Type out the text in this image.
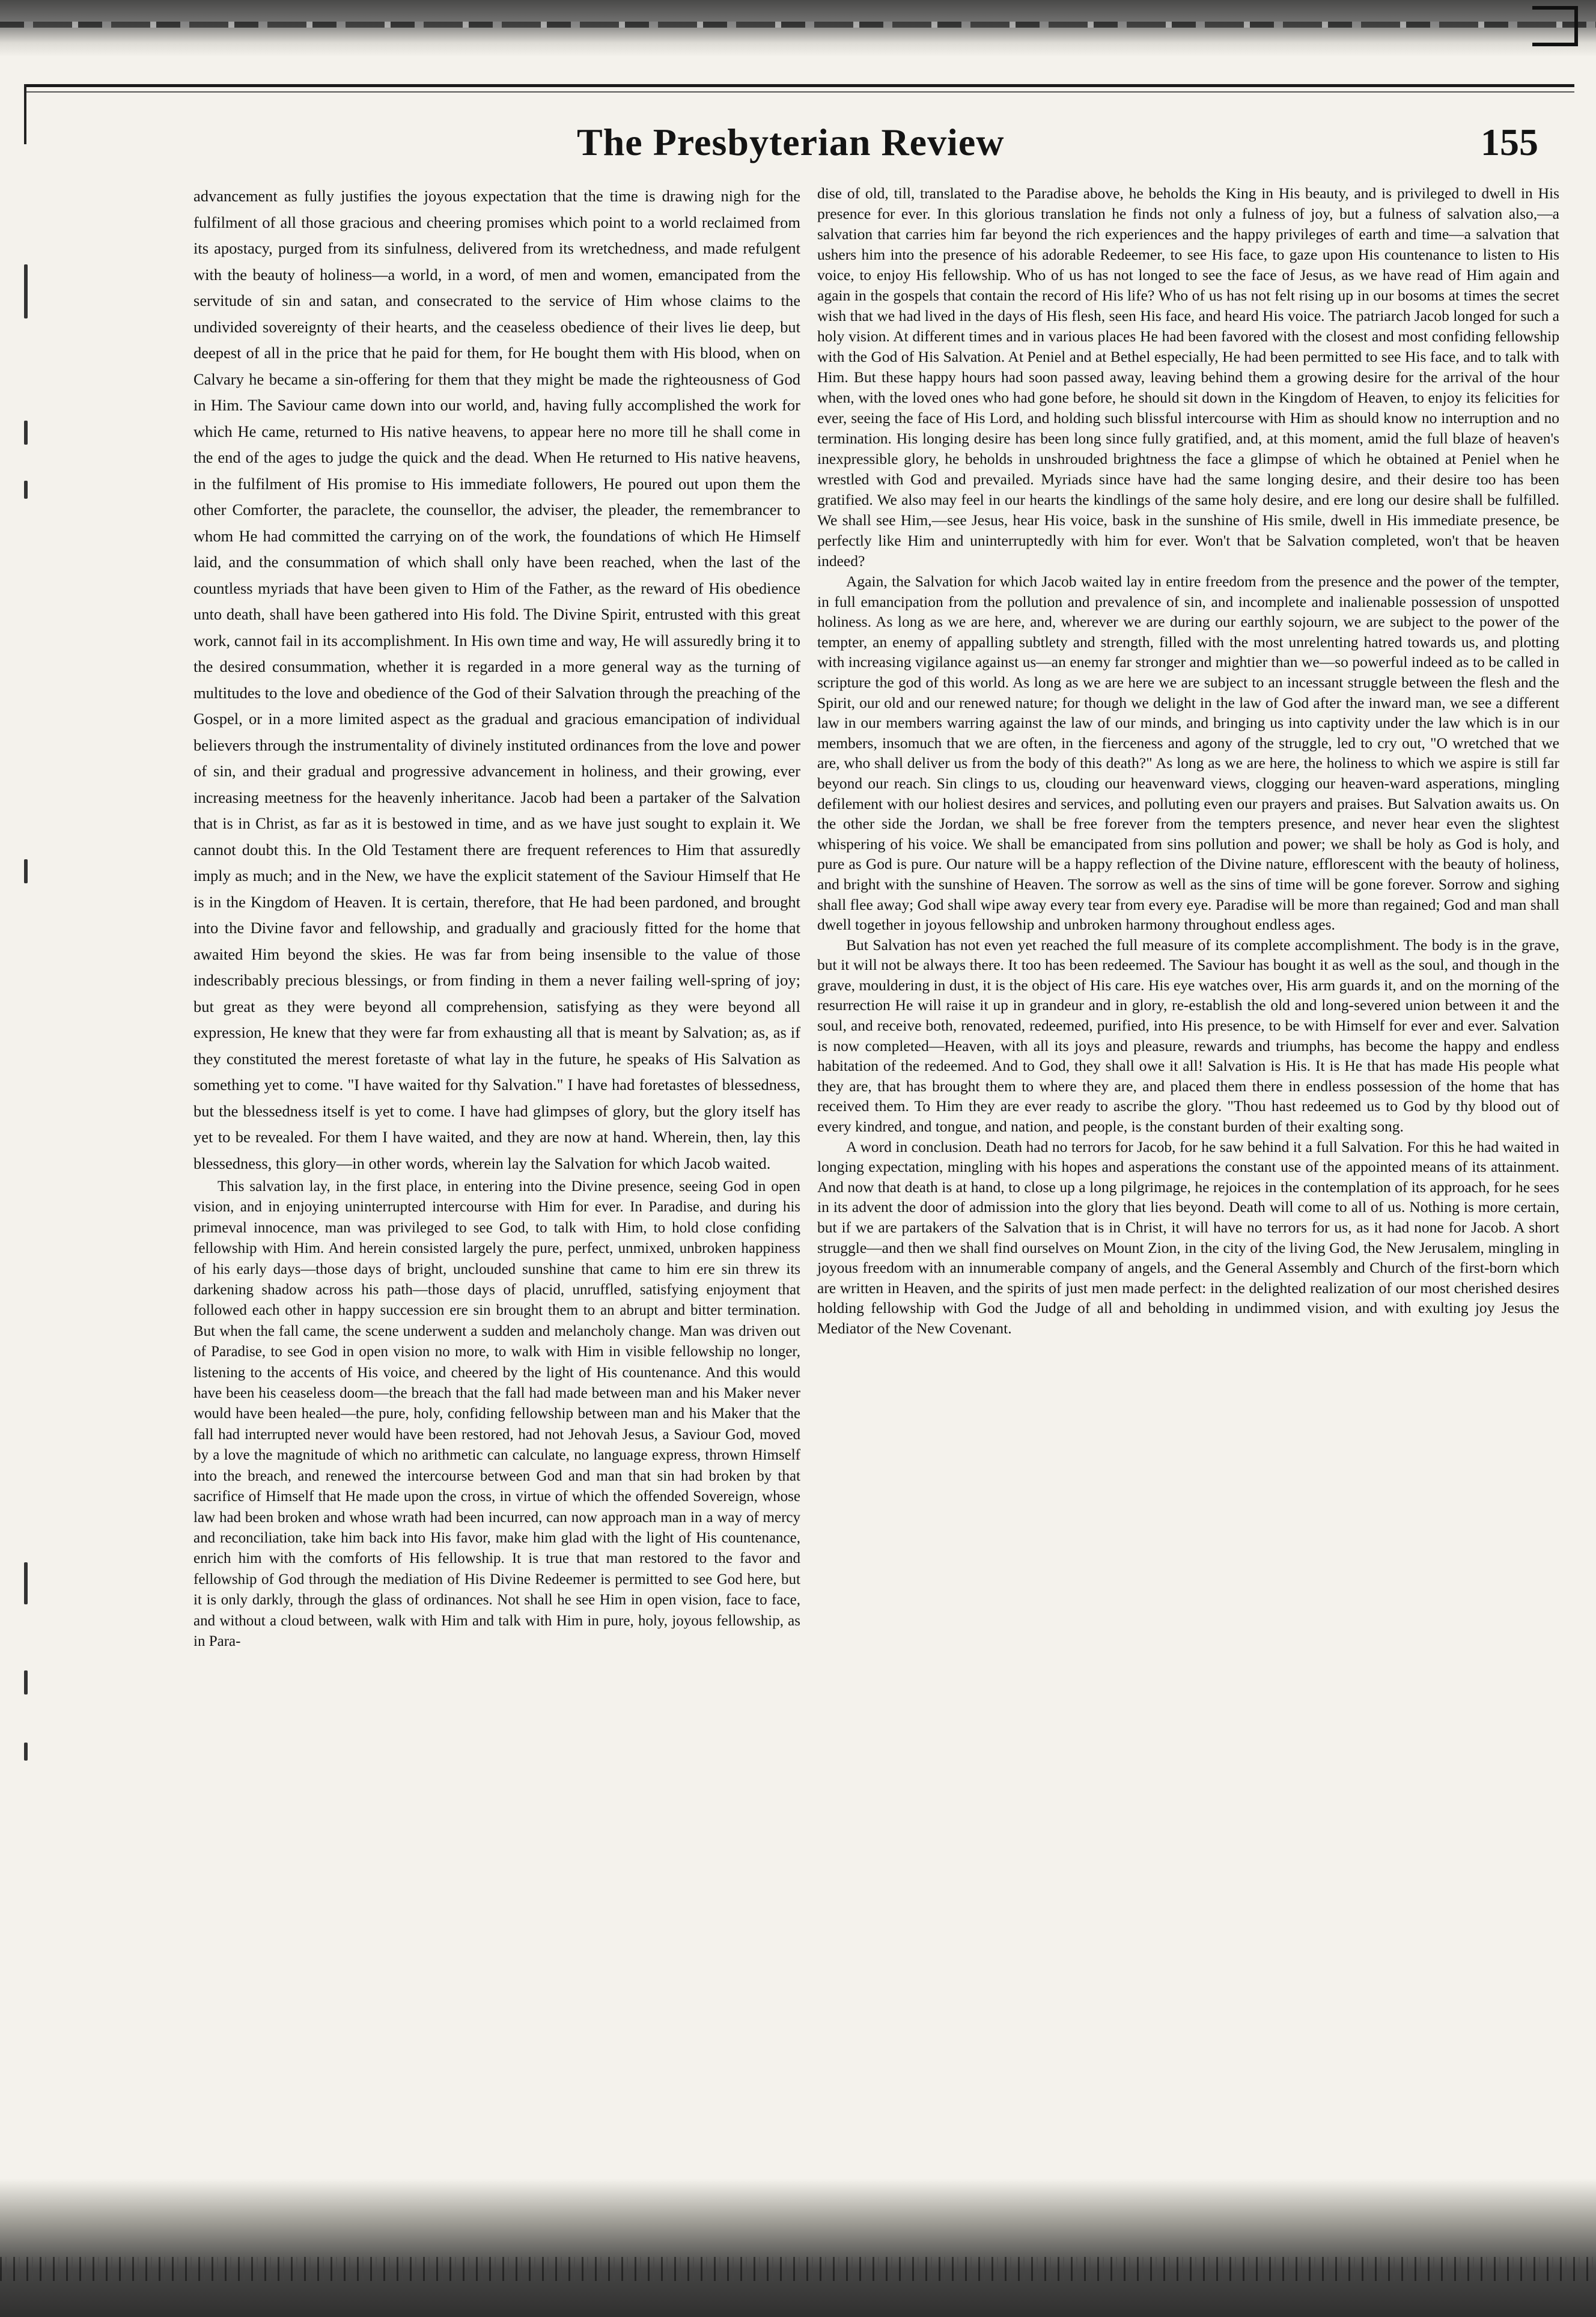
The Presbyterian Review	155

advancement as fully justifies the joyous expectation that the time is drawing nigh for the fulfilment of all those gracious and cheering promises which point to a world reclaimed from its apostacy, purged from its sinfulness, delivered from its wretchedness, and made refulgent with the beauty of holiness—a world, in a word, of men and women, emancipated from the servitude of sin and satan, and consecrated to the service of Him whose claims to the undivided sovereignty of their hearts, and the ceaseless obedience of their lives lie deep, but deepest of all in the price that he paid for them, for He bought them with His blood, when on Calvary he became a sin-offering for them that they might be made the righteousness of God in Him. The Saviour came down into our world, and, having fully accomplished the work for which He came, returned to His native heavens, to appear here no more till he shall come in the end of the ages to judge the quick and the dead. When He returned to His native heavens, in the fulfilment of His promise to His immediate followers, He poured out upon them the other Comforter, the paraclete, the counsellor, the adviser, the pleader, the remembrancer to whom He had committed the carrying on of the work, the foundations of which He Himself laid, and the consummation of which shall only have been reached, when the last of the countless myriads that have been given to Him of the Father, as the reward of His obedience unto death, shall have been gathered into His fold. The Divine Spirit, entrusted with this great work, cannot fail in its accomplishment. In His own time and way, He will assuredly bring it to the desired consummation, whether it is regarded in a more general way as the turning of multitudes to the love and obedience of the God of their Salvation through the preaching of the Gospel, or in a more limited aspect as the gradual and gracious emancipation of individual believers through the instrumentality of divinely instituted ordinances from the love and power of sin, and their gradual and progressive advancement in holiness, and their growing, ever increasing meetness for the heavenly inheritance. Jacob had been a partaker of the Salvation that is in Christ, as far as it is bestowed in time, and as we have just sought to explain it. We cannot doubt this. In the Old Testament there are frequent references to Him that assuredly imply as much; and in the New, we have the explicit statement of the Saviour Himself that He is in the Kingdom of Heaven. It is certain, therefore, that He had been pardoned, and brought into the Divine favor and fellowship, and gradually and graciously fitted for the home that awaited Him beyond the skies. He was far from being insensible to the value of those indescribably precious blessings, or from finding in them a never failing well-spring of joy; but great as they were beyond all comprehension, satisfying as they were beyond all expression, He knew that they were far from exhausting all that is meant by Salvation; as, as if they constituted the merest foretaste of what lay in the future, he speaks of His Salvation as something yet to come. "I have waited for thy Salvation." I have had foretastes of blessedness, but the blessedness itself is yet to come. I have had glimpses of glory, but the glory itself has yet to be revealed. For them I have waited, and they are now at hand. Wherein, then, lay this blessedness, this glory—in other words, wherein lay the Salvation for which Jacob waited.

This salvation lay, in the first place, in entering into the Divine presence, seeing God in open vision, and in enjoying uninterrupted intercourse with Him for ever. In Paradise, and during his primeval innocence, man was privileged to see God, to talk with Him, to hold close confiding fellowship with Him. And herein consisted largely the pure, perfect, unmixed, unbroken happiness of his early days—those days of bright, unclouded sunshine that came to him ere sin threw its darkening shadow across his path—those days of placid, unruffled, satisfying enjoyment that followed each other in happy succession ere sin brought them to an abrupt and bitter termination. But when the fall came, the scene underwent a sudden and melancholy change. Man was driven out of Paradise, to see God in open vision no more, to walk with Him in visible fellowship no longer, listening to the accents of His voice, and cheered by the light of His countenance. And this would have been his ceaseless doom—the breach that the fall had made between man and his Maker never would have been healed—the pure, holy, confiding fellowship between man and his Maker that the fall had interrupted never would have been restored, had not Jehovah Jesus, a Saviour God, moved by a love the magnitude of which no arithmetic can calculate, no language express, thrown Himself into the breach, and renewed the intercourse between God and man that sin had broken by that sacrifice of Himself that He made upon the cross, in virtue of which the offended Sovereign, whose law had been broken and whose wrath had been incurred, can now approach man in a way of mercy and reconciliation, take him back into His favor, make him glad with the light of His countenance, enrich him with the comforts of His fellowship. It is true that man restored to the favor and fellowship of God through the mediation of His Divine Redeemer is permitted to see God here, but it is only darkly, through the glass of ordinances. Not shall he see Him in open vision, face to face, and without a cloud between, walk with Him and talk with Him in pure, holy, joyous fellowship, as in Para-

dise of old, till, translated to the Paradise above, he beholds the King in His beauty, and is privileged to dwell in His presence for ever. In this glorious translation he finds not only a fulness of joy, but a fulness of salvation also,—a salvation that carries him far beyond the rich experiences and the happy privileges of earth and time—a salvation that ushers him into the presence of his adorable Redeemer, to see His face, to gaze upon His countenance to listen to His voice, to enjoy His fellowship. Who of us has not longed to see the face of Jesus, as we have read of Him again and again in the gospels that contain the record of His life? Who of us has not felt rising up in our bosoms at times the secret wish that we had lived in the days of His flesh, seen His face, and heard His voice. The patriarch Jacob longed for such a holy vision. At different times and in various places He had been favored with the closest and most confiding fellowship with the God of His Salvation. At Peniel and at Bethel especially, He had been permitted to see His face, and to talk with Him. But these happy hours had soon passed away, leaving behind them a growing desire for the arrival of the hour when, with the loved ones who had gone before, he should sit down in the Kingdom of Heaven, to enjoy its felicities for ever, seeing the face of His Lord, and holding such blissful intercourse with Him as should know no interruption and no termination. His longing desire has been long since fully gratified, and, at this moment, amid the full blaze of heaven's inexpressible glory, he beholds in unshrouded brightness the face a glimpse of which he obtained at Peniel when he wrestled with God and prevailed. Myriads since have had the same longing desire, and their desire too has been gratified. We also may feel in our hearts the kindlings of the same holy desire, and ere long our desire shall be fulfilled. We shall see Him,—see Jesus, hear His voice, bask in the sunshine of His smile, dwell in His immediate presence, be perfectly like Him and uninterruptedly with him for ever. Won't that be Salvation completed, won't that be heaven indeed?

Again, the Salvation for which Jacob waited lay in entire freedom from the presence and the power of the tempter, in full emancipation from the pollution and prevalence of sin, and incomplete and inalienable possession of unspotted holiness. As long as we are here, and, wherever we are during our earthly sojourn, we are subject to the power of the tempter, an enemy of appalling subtlety and strength, filled with the most unrelenting hatred towards us, and plotting with increasing vigilance against us—an enemy far stronger and mightier than we—so powerful indeed as to be called in scripture the god of this world. As long as we are here we are subject to an incessant struggle between the flesh and the Spirit, our old and our renewed nature; for though we delight in the law of God after the inward man, we see a different law in our members warring against the law of our minds, and bringing us into captivity under the law which is in our members, insomuch that we are often, in the fierceness and agony of the struggle, led to cry out, "O wretched that we are, who shall deliver us from the body of this death?" As long as we are here, the holiness to which we aspire is still far beyond our reach. Sin clings to us, clouding our heavenward views, clogging our heaven-ward asperations, mingling defilement with our holiest desires and services, and polluting even our prayers and praises. But Salvation awaits us. On the other side the Jordan, we shall be free forever from the tempters presence, and never hear even the slightest whispering of his voice. We shall be emancipated from sins pollution and power; we shall be holy as God is holy, and pure as God is pure. Our nature will be a happy reflection of the Divine nature, efflorescent with the beauty of holiness, and bright with the sunshine of Heaven. The sorrow as well as the sins of time will be gone forever. Sorrow and sighing shall flee away; God shall wipe away every tear from every eye. Paradise will be more than regained; God and man shall dwell together in joyous fellowship and unbroken harmony throughout endless ages.

But Salvation has not even yet reached the full measure of its complete accomplishment. The body is in the grave, but it will not be always there. It too has been redeemed. The Saviour has bought it as well as the soul, and though in the grave, mouldering in dust, it is the object of His care. His eye watches over, His arm guards it, and on the morning of the resurrection He will raise it up in grandeur and in glory, re-establish the old and long-severed union between it and the soul, and receive both, renovated, redeemed, purified, into His presence, to be with Himself for ever and ever. Salvation is now completed—Heaven, with all its joys and pleasure, rewards and triumphs, has become the happy and endless habitation of the redeemed. And to God, they shall owe it all! Salvation is His. It is He that has made His people what they are, that has brought them to where they are, and placed them there in endless possession of the home that has received them. To Him they are ever ready to ascribe the glory. "Thou hast redeemed us to God by thy blood out of every kindred, and tongue, and nation, and people, is the constant burden of their exalting song.

A word in conclusion. Death had no terrors for Jacob, for he saw behind it a full Salvation. For this he had waited in longing expectation, mingling with his hopes and asperations the constant use of the appointed means of its attainment. And now that death is at hand, to close up a long pilgrimage, he rejoices in the contemplation of its approach, for he sees in its advent the door of admission into the glory that lies beyond. Death will come to all of us. Nothing is more certain, but if we are partakers of the Salvation that is in Christ, it will have no terrors for us, as it had none for Jacob. A short struggle—and then we shall find ourselves on Mount Zion, in the city of the living God, the New Jerusalem, mingling in joyous freedom with an innumerable company of angels, and the General Assembly and Church of the first-born which are written in Heaven, and the spirits of just men made perfect: in the delighted realization of our most cherished desires holding fellowship with God the Judge of all and beholding in undimmed vision, and with exulting joy Jesus the Mediator of the New Covenant.
